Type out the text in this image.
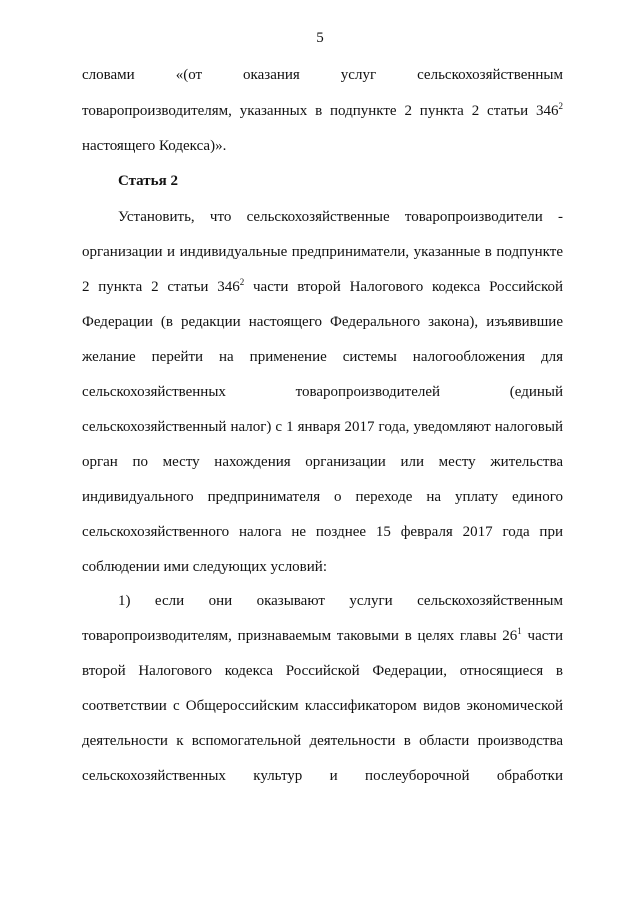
5
словами «(от оказания услуг сельскохозяйственным
товаропроизводителям, указанных в подпункте 2 пункта 2 статьи $346^2$
настоящего Кодекса)».
Статья 2
Установить, что сельскохозяйственные товаропроизводители -
организации и индивидуальные предприниматели, указанные в подпункте
2 пункта 2 статьи $346^2$ части второй Налогового кодекса Российской
Федерации (в редакции настоящего Федерального закона), изъявившие
желание перейти на применение системы налогообложения для
сельскохозяйственных товаропроизводителей (единый
сельскохозяйственный налог) с 1 января 2017 года, уведомляют налоговый
орган по месту нахождения организации или месту жительства
индивидуального предпринимателя о переходе на уплату единого
сельскохозяйственного налога не позднее 15 февраля 2017 года при
соблюдении ими следующих условий:
1) если они оказывают услуги сельскохозяйственным
товаропроизводителям, признаваемым таковыми в целях главы $26^1$ части
второй Налогового кодекса Российской Федерации, относящиеся в
соответствии с Общероссийским классификатором видов экономической
деятельности к вспомогательной деятельности в области производства
сельскохозяйственных культур и послеуборочной обработки
